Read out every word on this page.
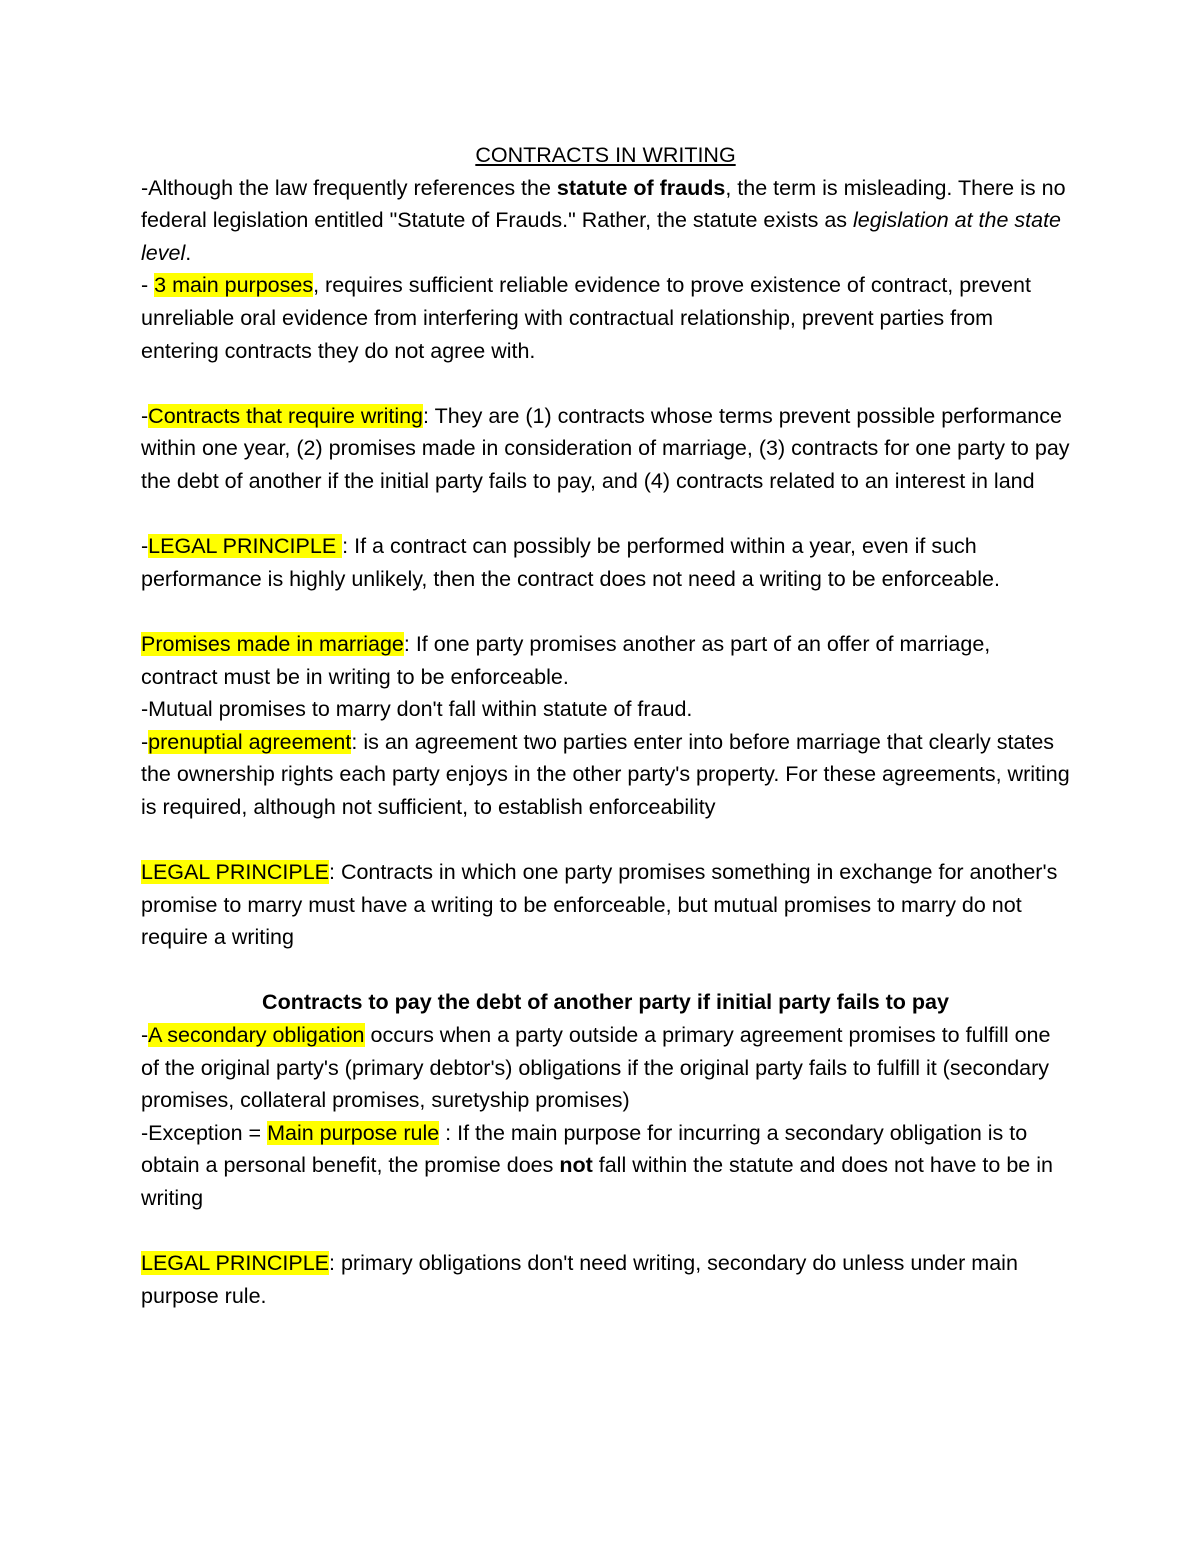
CONTRACTS IN WRITING

-Although the law frequently references the statute of frauds, the term is misleading. There is no federal legislation entitled "Statute of Frauds." Rather, the statute exists as legislation at the state level.

- 3 main purposes, requires sufficient reliable evidence to prove existence of contract, prevent unreliable oral evidence from interfering with contractual relationship, prevent parties from entering contracts they do not agree with.

-Contracts that require writing: They are (1) contracts whose terms prevent possible performance within one year, (2) promises made in consideration of marriage, (3) contracts for one party to pay the debt of another if the initial party fails to pay, and (4) contracts related to an interest in land

-LEGAL PRINCIPLE : If a contract can possibly be performed within a year, even if such performance is highly unlikely, then the contract does not need a writing to be enforceable.

Promises made in marriage: If one party promises another as part of an offer of marriage, contract must be in writing to be enforceable.

-Mutual promises to marry don't fall within statute of fraud.

-prenuptial agreement: is an agreement two parties enter into before marriage that clearly states the ownership rights each party enjoys in the other party's property. For these agreements, writing is required, although not sufficient, to establish enforceability

LEGAL PRINCIPLE: Contracts in which one party promises something in exchange for another's promise to marry must have a writing to be enforceable, but mutual promises to marry do not require a writing

Contracts to pay the debt of another party if initial party fails to pay

-A secondary obligation occurs when a party outside a primary agreement promises to fulfill one of the original party's (primary debtor's) obligations if the original party fails to fulfill it (secondary promises, collateral promises, suretyship promises)

-Exception = Main purpose rule : If the main purpose for incurring a secondary obligation is to obtain a personal benefit, the promise does not fall within the statute and does not have to be in writing

LEGAL PRINCIPLE: primary obligations don't need writing, secondary do unless under main purpose rule.
